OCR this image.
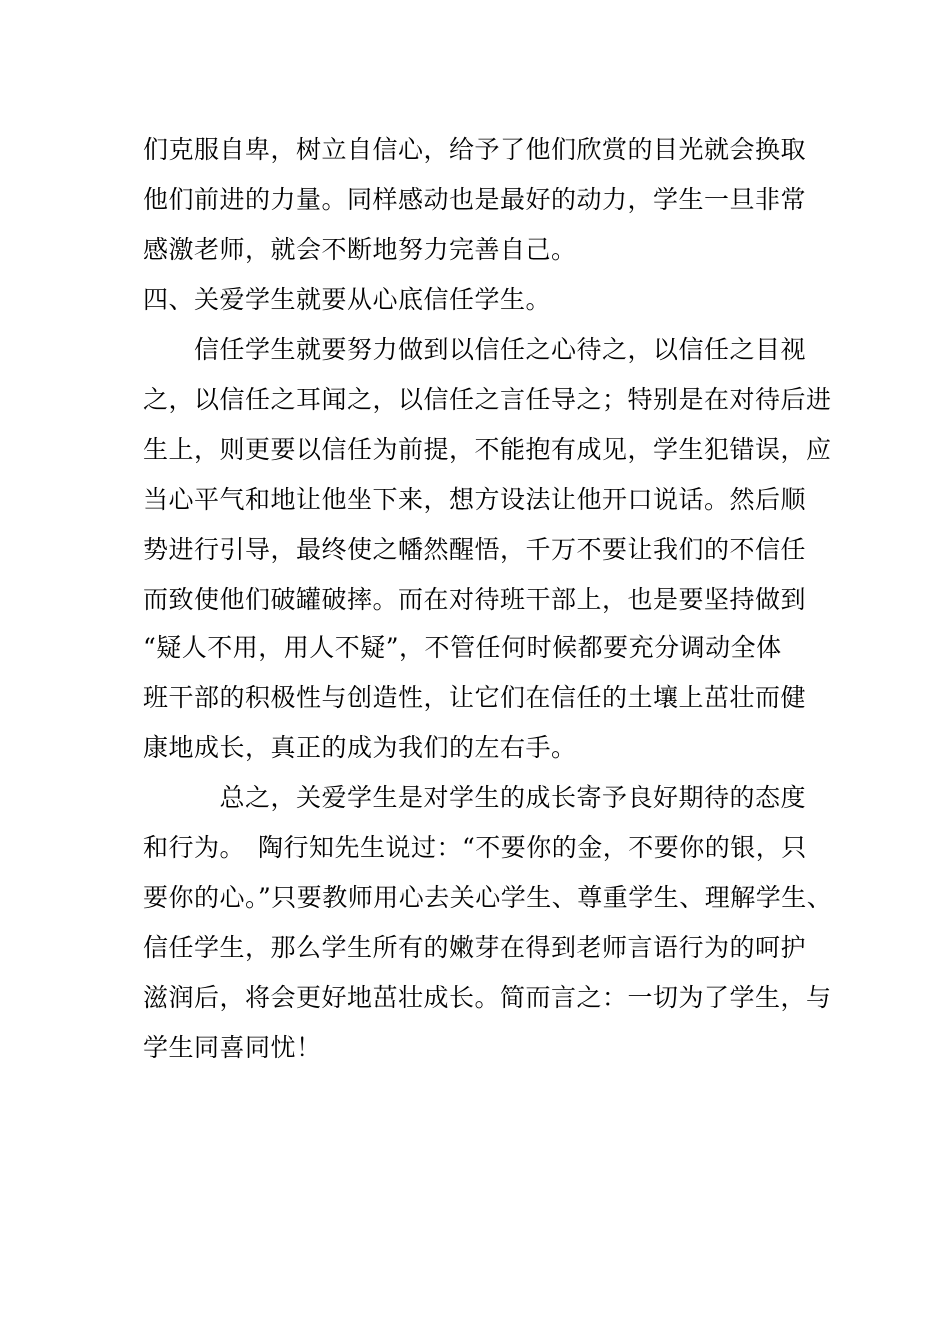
们克服自卑，树立自信心，给予了他们欣赏的目光就会换取
他们前进的力量。同样感动也是最好的动力，学生一旦非常
感激老师，就会不断地努力完善自己。
四、关爱学生就要从心底信任学生。
　　信任学生就要努力做到以信任之心待之，以信任之目视
之，以信任之耳闻之，以信任之言任导之；特别是在对待后进
生上，则更要以信任为前提，不能抱有成见，学生犯错误，应
当心平气和地让他坐下来，想方设法让他开口说话。然后顺
势进行引导，最终使之幡然醒悟，千万不要让我们的不信任
而致使他们破罐破摔。而在对待班干部上，也是要坚持做到
“疑人不用，用人不疑”，不管任何时候都要充分调动全体
班干部的积极性与创造性，让它们在信任的土壤上茁壮而健
康地成长，真正的成为我们的左右手。
　　　总之，关爱学生是对学生的成长寄予良好期待的态度
和行为。　陶行知先生说过：“不要你的金，不要你的银，只
要你的心。”只要教师用心去关心学生、尊重学生、理解学生、
信任学生，那么学生所有的嫩芽在得到老师言语行为的呵护
滋润后，将会更好地茁壮成长。简而言之：一切为了学生，与
学生同喜同忧！
